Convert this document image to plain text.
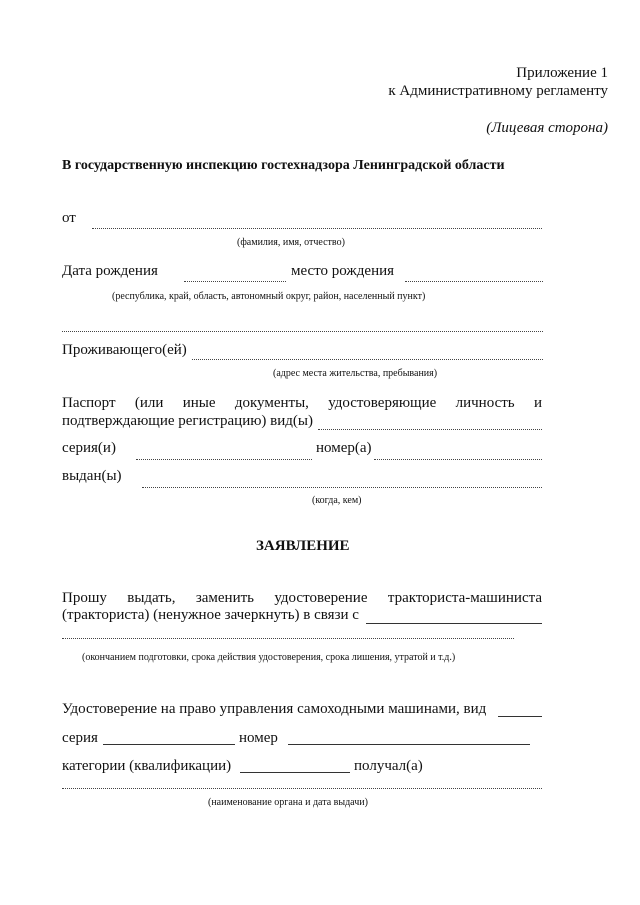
Приложение 1
к Административному регламенту
(Лицевая сторона)
В государственную инспекцию гостехнадзора Ленинградской области
от
(фамилия, имя, отчество)
Дата рождения	место рождения
(республика, край, область, автономный округ, район, населенный пункт)
Проживающего(ей)
(адрес места жительства, пребывания)
Паспорт (или иные документы, удостоверяющие личность и
подтверждающие регистрацию) вид(ы)
серия(и)	номер(а)
выдан(ы)
(когда, кем)
ЗАЯВЛЕНИЕ
Прошу выдать, заменить удостоверение тракториста-машиниста
(тракториста) (ненужное зачеркнуть) в связи с
(окончанием подготовки, срока действия удостоверения, срока лишения, утратой и т.д.)
Удостоверение на право управления самоходными машинами, вид
серия	номер
категории (квалификации)	получал(а)
(наименование органа и дата выдачи)
